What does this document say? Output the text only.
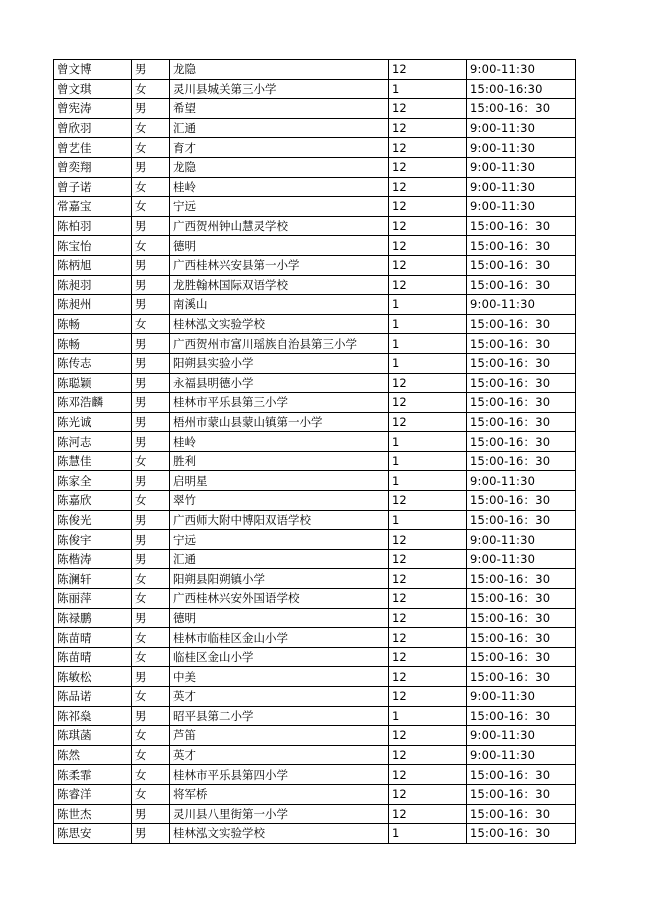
曾文博	男	龙隐	12	9:00-11:30
曾文琪	女	灵川县城关第三小学	1	15:00-16:30
曾宪涛	男	希望	12	15:00-16：30
曾欣羽	女	汇通	12	9:00-11:30
曾艺佳	女	育才	12	9:00-11:30
曾奕翔	男	龙隐	12	9:00-11:30
曾子诺	女	桂岭	12	9:00-11:30
常嘉宝	女	宁远	12	9:00-11:30
陈柏羽	男	广西贺州钟山慧灵学校	12	15:00-16：30
陈宝怡	女	德明	12	15:00-16：30
陈柄旭	男	广西桂林兴安县第一小学	12	15:00-16：30
陈昶羽	男	龙胜翰林国际双语学校	12	15:00-16：30
陈昶州	男	南溪山	1	9:00-11:30
陈畅	女	桂林泓文实验学校	1	15:00-16：30
陈畅	男	广西贺州市富川瑶族自治县第三小学	1	15:00-16：30
陈传志	男	阳朔县实验小学	1	15:00-16：30
陈聪颖	男	永福县明德小学	12	15:00-16：30
陈邓浩麟	男	桂林市平乐县第三小学	12	15:00-16：30
陈光诚	男	梧州市蒙山县蒙山镇第一小学	12	15:00-16：30
陈河志	男	桂岭	1	15:00-16：30
陈慧佳	女	胜利	1	15:00-16：30
陈家全	男	启明星	1	9:00-11:30
陈嘉欣	女	翠竹	12	15:00-16：30
陈俊光	男	广西师大附中博阳双语学校	1	15:00-16：30
陈俊宇	男	宁远	12	9:00-11:30
陈楷涛	男	汇通	12	9:00-11:30
陈澜轩	女	阳朔县阳朔镇小学	12	15:00-16：30
陈丽萍	女	广西桂林兴安外国语学校	12	15:00-16：30
陈禄鹏	男	德明	12	15:00-16：30
陈苗晴	女	桂林市临桂区金山小学	12	15:00-16：30
陈苗晴	女	临桂区金山小学	12	15:00-16：30
陈敏松	男	中美	12	15:00-16：30
陈品诺	女	英才	12	9:00-11:30
陈祁燊	男	昭平县第二小学	1	15:00-16：30
陈琪菡	女	芦笛	12	9:00-11:30
陈然	女	英才	12	9:00-11:30
陈柔霏	女	桂林市平乐县第四小学	12	15:00-16：30
陈睿洋	女	将军桥	12	15:00-16：30
陈世杰	男	灵川县八里街第一小学	12	15:00-16：30
陈思安	男	桂林泓文实验学校	1	15:00-16：30
